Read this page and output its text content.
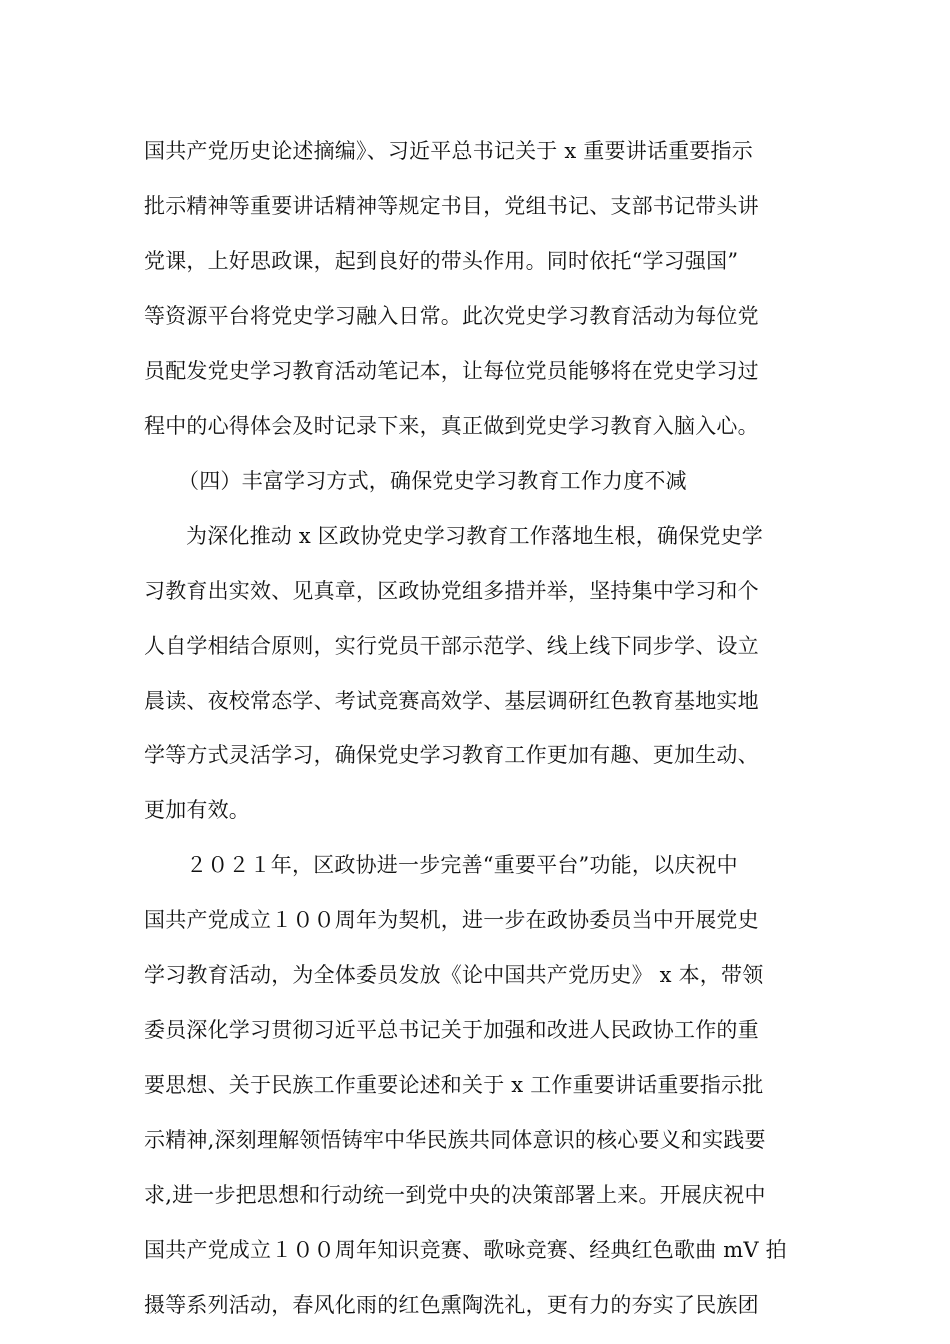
国共产党历史论述摘编》、习近平总书记关于 x 重要讲话重要指示
批示精神等重要讲话精神等规定书目，党组书记、支部书记带头讲
党课，上好思政课，起到良好的带头作用。同时依托“学习强国”
等资源平台将党史学习融入日常。此次党史学习教育活动为每位党
员配发党史学习教育活动笔记本，让每位党员能够将在党史学习过
程中的心得体会及时记录下来，真正做到党史学习教育入脑入心。
（四）丰富学习方式，确保党史学习教育工作力度不减
为深化推动 x 区政协党史学习教育工作落地生根，确保党史学
习教育出实效、见真章，区政协党组多措并举，坚持集中学习和个
人自学相结合原则，实行党员干部示范学、线上线下同步学、设立
晨读、夜校常态学、考试竞赛高效学、基层调研红色教育基地实地
学等方式灵活学习，确保党史学习教育工作更加有趣、更加生动、
更加有效。
２０２１年，区政协进一步完善“重要平台”功能，以庆祝中
国共产党成立１００周年为契机，进一步在政协委员当中开展党史
学习教育活动，为全体委员发放《论中国共产党历史》 x 本，带领
委员深化学习贯彻习近平总书记关于加强和改进人民政协工作的重
要思想、关于民族工作重要论述和关于 x 工作重要讲话重要指示批
示精神,深刻理解领悟铸牢中华民族共同体意识的核心要义和实践要
求,进一步把思想和行动统一到党中央的决策部署上来。开展庆祝中
国共产党成立１００周年知识竞赛、歌咏竞赛、经典红色歌曲 mV 拍
摄等系列活动，春风化雨的红色熏陶洗礼，更有力的夯实了民族团
